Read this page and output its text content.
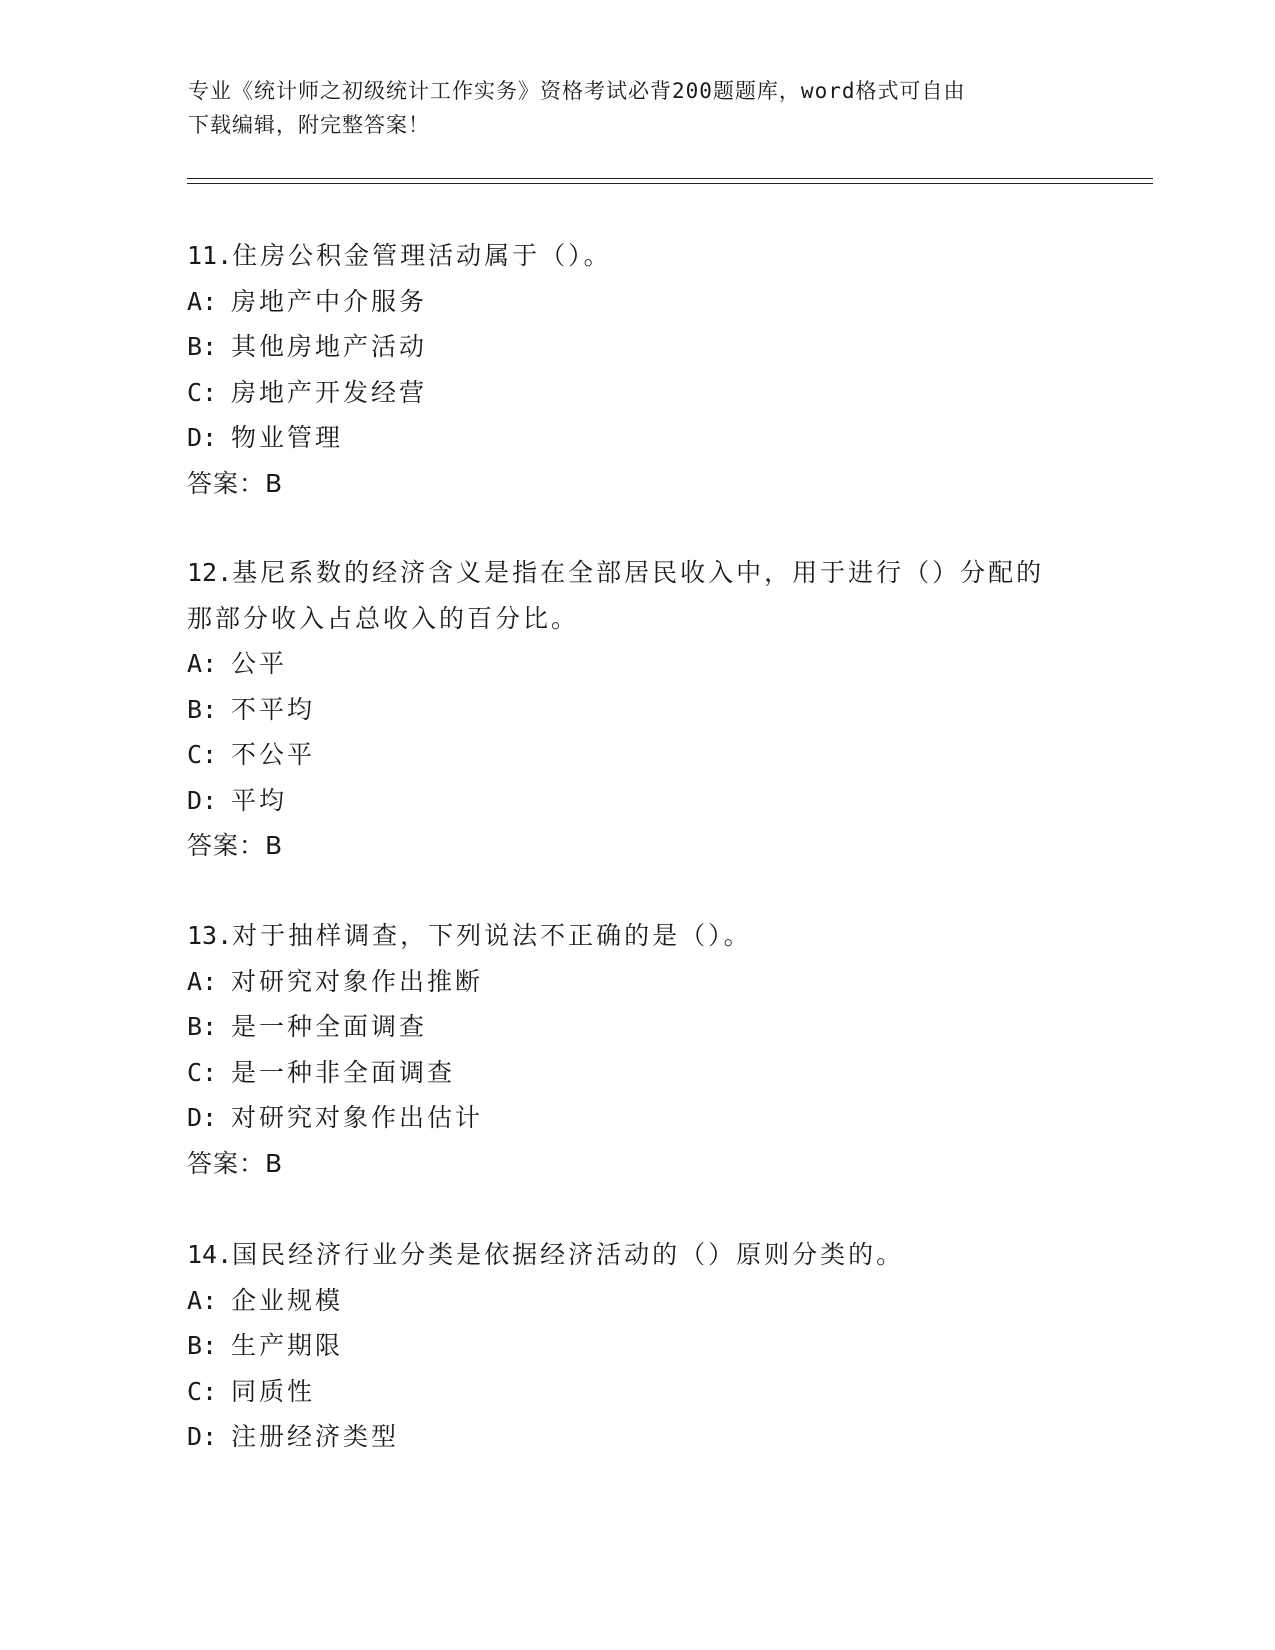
专业《统计师之初级统计工作实务》资格考试必背200题题库，word格式可自由
下载编辑，附完整答案！
11.住房公积金管理活动属于（）。
A: 房地产中介服务
B: 其他房地产活动
C: 房地产开发经营
D: 物业管理
答案：B
12.基尼系数的经济含义是指在全部居民收入中，用于进行（）分配的
那部分收入占总收入的百分比。
A: 公平
B: 不平均
C: 不公平
D: 平均
答案：B
13.对于抽样调查，下列说法不正确的是（）。
A: 对研究对象作出推断
B: 是一种全面调查
C: 是一种非全面调查
D: 对研究对象作出估计
答案：B
14.国民经济行业分类是依据经济活动的（）原则分类的。
A: 企业规模
B: 生产期限
C: 同质性
D: 注册经济类型
